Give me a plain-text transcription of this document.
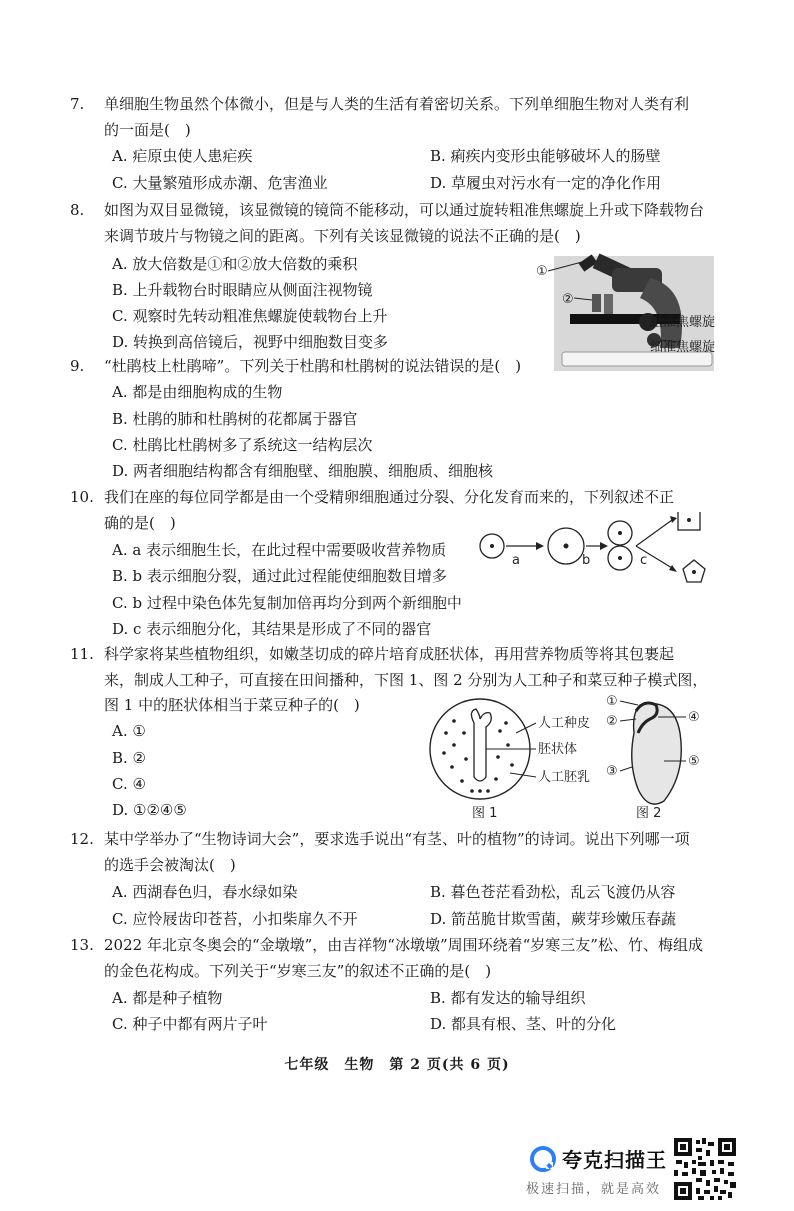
7.	单细胞生物虽然个体微小，但是与人类的生活有着密切关系。下列单细胞生物对人类有利
的一面是(　)
A. 疟原虫使人患疟疾	B. 痢疾内变形虫能够破坏人的肠壁
C. 大量繁殖形成赤潮、危害渔业	D. 草履虫对污水有一定的净化作用
8.	如图为双目显微镜，该显微镜的镜筒不能移动，可以通过旋转粗准焦螺旋上升或下降载物台
来调节玻片与物镜之间的距离。下列有关该显微镜的说法不正确的是(　)
A. 放大倍数是①和②放大倍数的乘积
B. 上升载物台时眼睛应从侧面注视物镜
C. 观察时先转动粗准焦螺旋使载物台上升
D. 转换到高倍镜后，视野中细胞数目变多
①
②
粗准焦螺旋
细准焦螺旋
9.	“杜鹃枝上杜鹃啼”。下列关于杜鹃和杜鹃树的说法错误的是(　)
A. 都是由细胞构成的生物
B. 杜鹃的肺和杜鹃树的花都属于器官
C. 杜鹃比杜鹃树多了系统这一结构层次
D. 两者细胞结构都含有细胞壁、细胞膜、细胞质、细胞核
10. 我们在座的每位同学都是由一个受精卵细胞通过分裂、分化发育而来的，下列叙述不正
确的是(　)
A. a 表示细胞生长，在此过程中需要吸收营养物质
B. b 表示细胞分裂，通过此过程能使细胞数目增多
C. b 过程中染色体先复制加倍再均分到两个新细胞中
D. c 表示细胞分化，其结果是形成了不同的器官
a	b	c
11. 科学家将某些植物组织，如嫩茎切成的碎片培育成胚状体，再用营养物质等将其包裹起
来，制成人工种子，可直接在田间播种，下图 1、图 2 分别为人工种子和菜豆种子模式图，
图 1 中的胚状体相当于菜豆种子的(　)
A. ①
B. ②
C. ④
D. ①②④⑤
人工种皮
胚状体
人工胚乳
图 1
①
②
③
④
⑤
图 2
12. 某中学举办了“生物诗词大会”，要求选手说出“有茎、叶的植物”的诗词。说出下列哪一项
的选手会被淘汰(　)
A. 西湖春色归，春水绿如染	B. 暮色苍茫看劲松，乱云飞渡仍从容
C. 应怜屐齿印苍苔，小扣柴扉久不开	D. 箭茁脆甘欺雪菌，蕨芽珍嫩压春蔬
13. 2022 年北京冬奥会的“金墩墩”，由吉祥物“冰墩墩”周围环绕着“岁寒三友”松、竹、梅组成
的金色花构成。下列关于“岁寒三友”的叙述不正确的是(　)
A. 都是种子植物	B. 都有发达的输导组织
C. 种子中都有两片子叶	D. 都具有根、茎、叶的分化
七年级　生物　第 2 页(共 6 页)
夸克扫描王
极速扫描，就是高效
